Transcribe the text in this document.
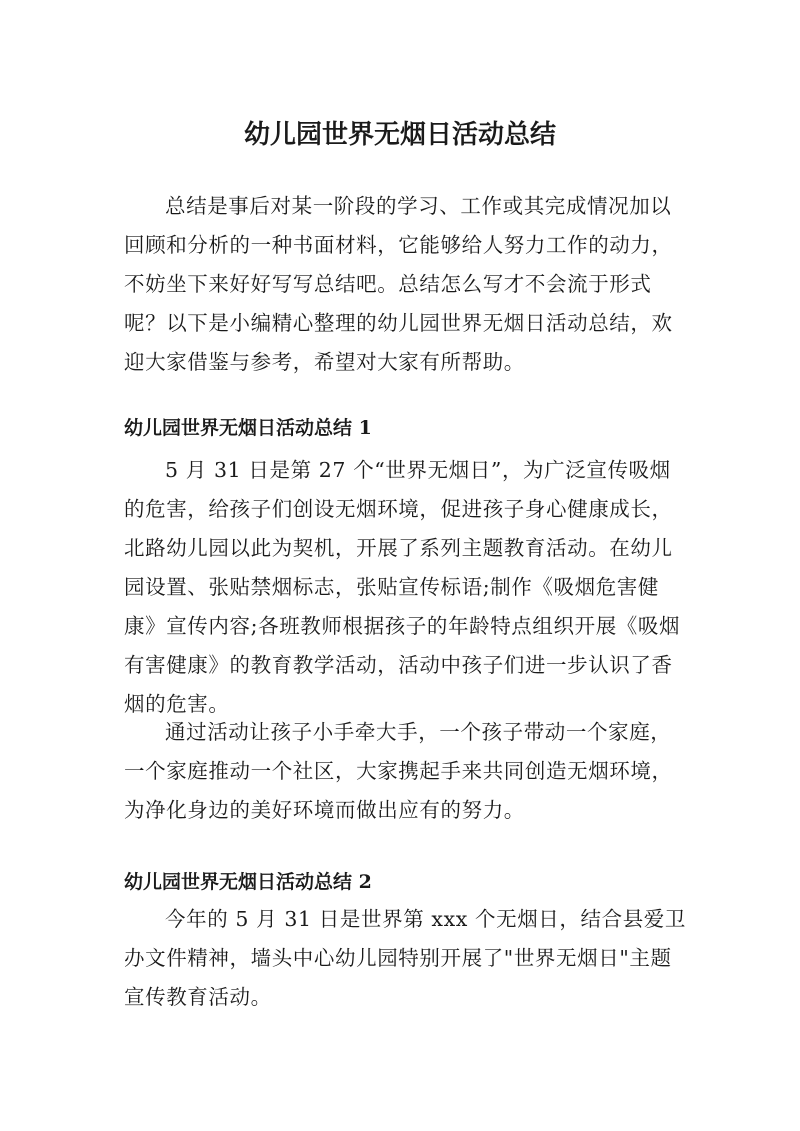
幼儿园世界无烟日活动总结

总结是事后对某一阶段的学习、工作或其完成情况加以回顾和分析的一种书面材料，它能够给人努力工作的动力，不妨坐下来好好写写总结吧。总结怎么写才不会流于形式呢？以下是小编精心整理的幼儿园世界无烟日活动总结，欢迎大家借鉴与参考，希望对大家有所帮助。

幼儿园世界无烟日活动总结 1

5 月 31 日是第 27 个“世界无烟日”，为广泛宣传吸烟的危害，给孩子们创设无烟环境，促进孩子身心健康成长，北路幼儿园以此为契机，开展了系列主题教育活动。在幼儿园设置、张贴禁烟标志，张贴宣传标语;制作《吸烟危害健康》宣传内容;各班教师根据孩子的年龄特点组织开展《吸烟有害健康》的教育教学活动，活动中孩子们进一步认识了香烟的危害。

通过活动让孩子小手牵大手，一个孩子带动一个家庭，一个家庭推动一个社区，大家携起手来共同创造无烟环境，为净化身边的美好环境而做出应有的努力。

幼儿园世界无烟日活动总结 2

今年的 5 月 31 日是世界第 xxx 个无烟日，结合县爱卫办文件精神，墙头中心幼儿园特别开展了"世界无烟日"主题宣传教育活动。
